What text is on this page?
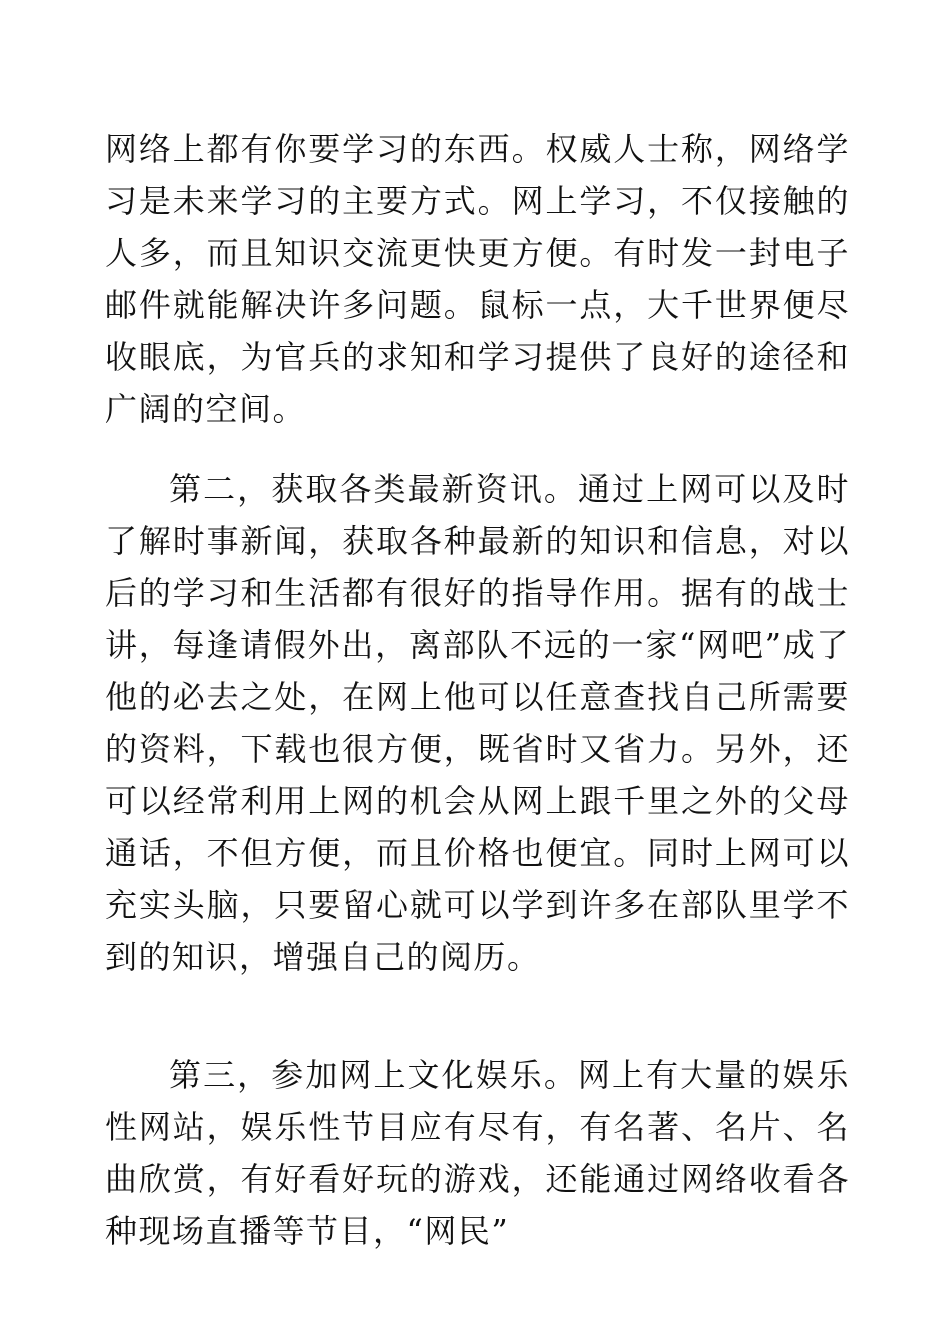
网络上都有你要学习的东西。权威人士称，网络学习是未来学习的主要方式。网上学习，不仅接触的人多，而且知识交流更快更方便。有时发一封电子邮件就能解决许多问题。鼠标一点，大千世界便尽收眼底，为官兵的求知和学习提供了良好的途径和广阔的空间。

第二，获取各类最新资讯。通过上网可以及时了解时事新闻，获取各种最新的知识和信息，对以后的学习和生活都有很好的指导作用。据有的战士讲，每逢请假外出，离部队不远的一家“网吧”成了他的必去之处，在网上他可以任意查找自己所需要的资料，下载也很方便，既省时又省力。另外，还可以经常利用上网的机会从网上跟千里之外的父母通话，不但方便，而且价格也便宜。同时上网可以充实头脑，只要留心就可以学到许多在部队里学不到的知识，增强自己的阅历。

第三，参加网上文化娱乐。网上有大量的娱乐性网站，娱乐性节目应有尽有，有名著、名片、名曲欣赏，有好看好玩的游戏，还能通过网络收看各种现场直播等节目，“网民”
